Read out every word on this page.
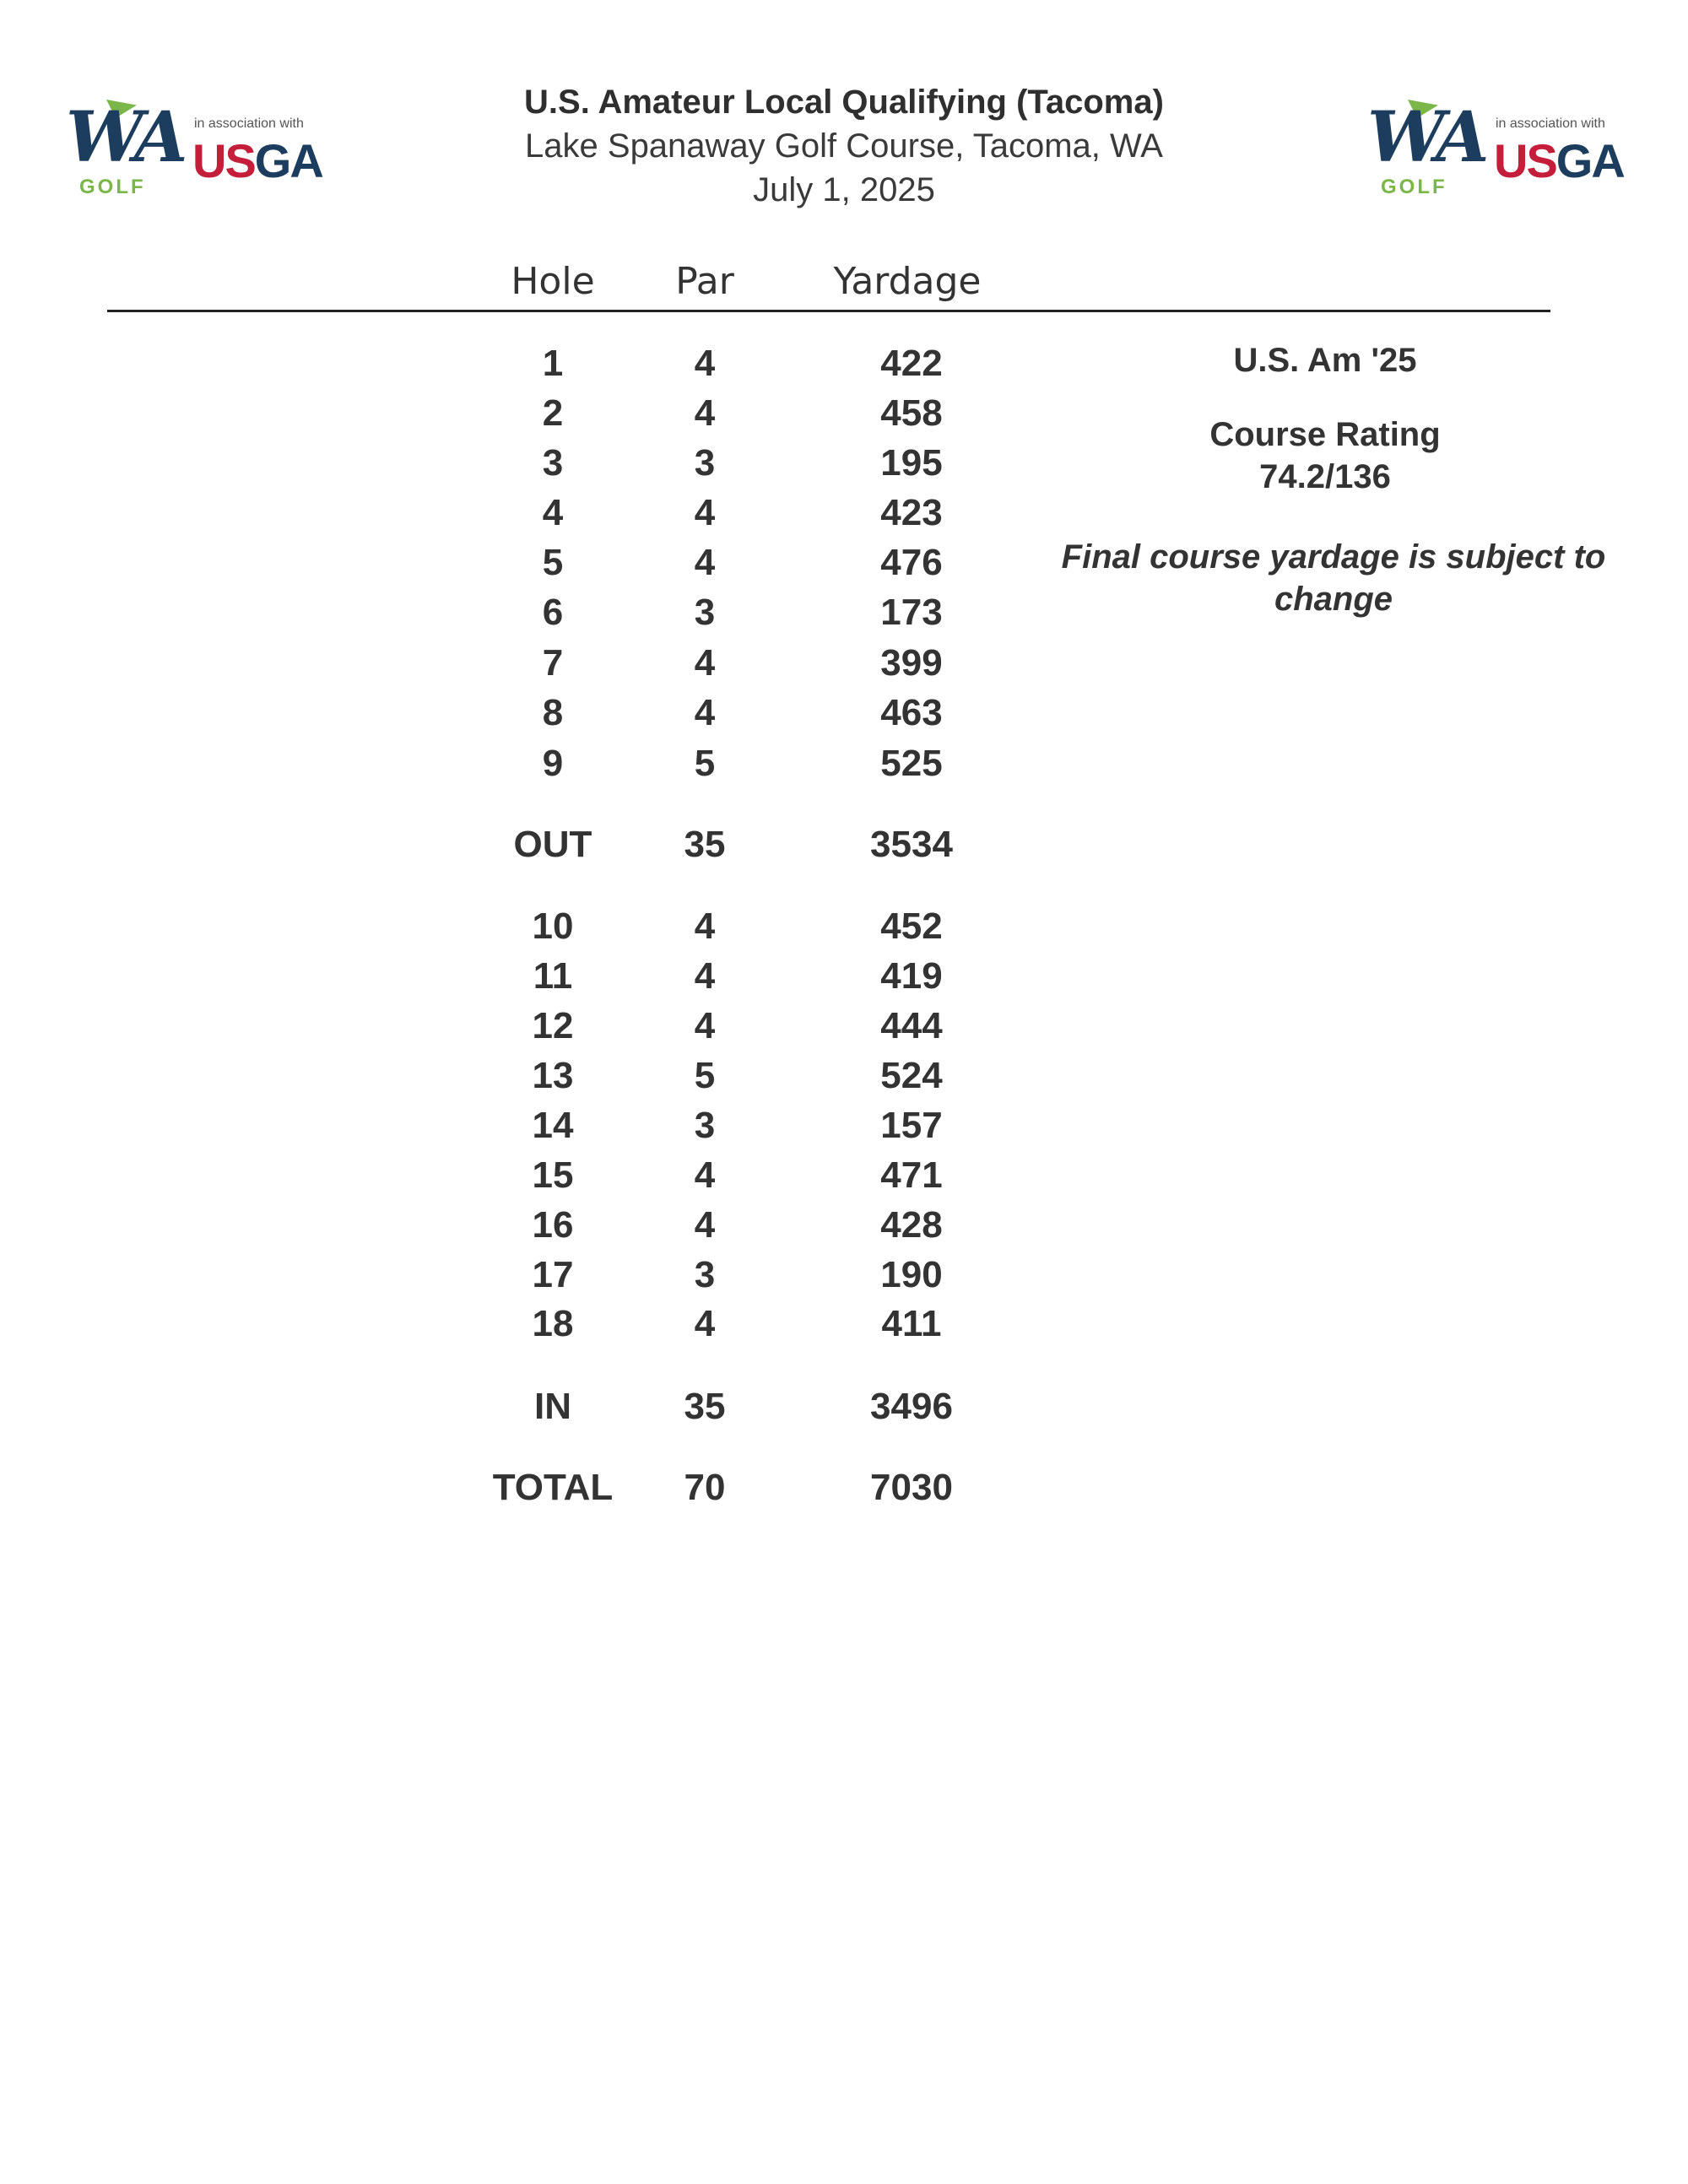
WA
GOLF
in association with
USGA	WA
GOLF
in association with
USGA
U.S. Amateur Local Qualifying (Tacoma)
Lake Spanaway Golf Course, Tacoma, WA
July 1, 2025
Hole	Par	Yardage
1	4	422
2	4	458
3	3	195
4	4	423
5	4	476
6	3	173
7	4	399
8	4	463
9	5	525
OUT	35	3534
10	4	452
11	4	419
12	4	444
13	5	524
14	3	157
15	4	471
16	4	428
17	3	190
18	4	411
IN	35	3496
TOTAL	70	7030
U.S. Am '25
Course Rating
74.2/136
Final course yardage is subject to
change
